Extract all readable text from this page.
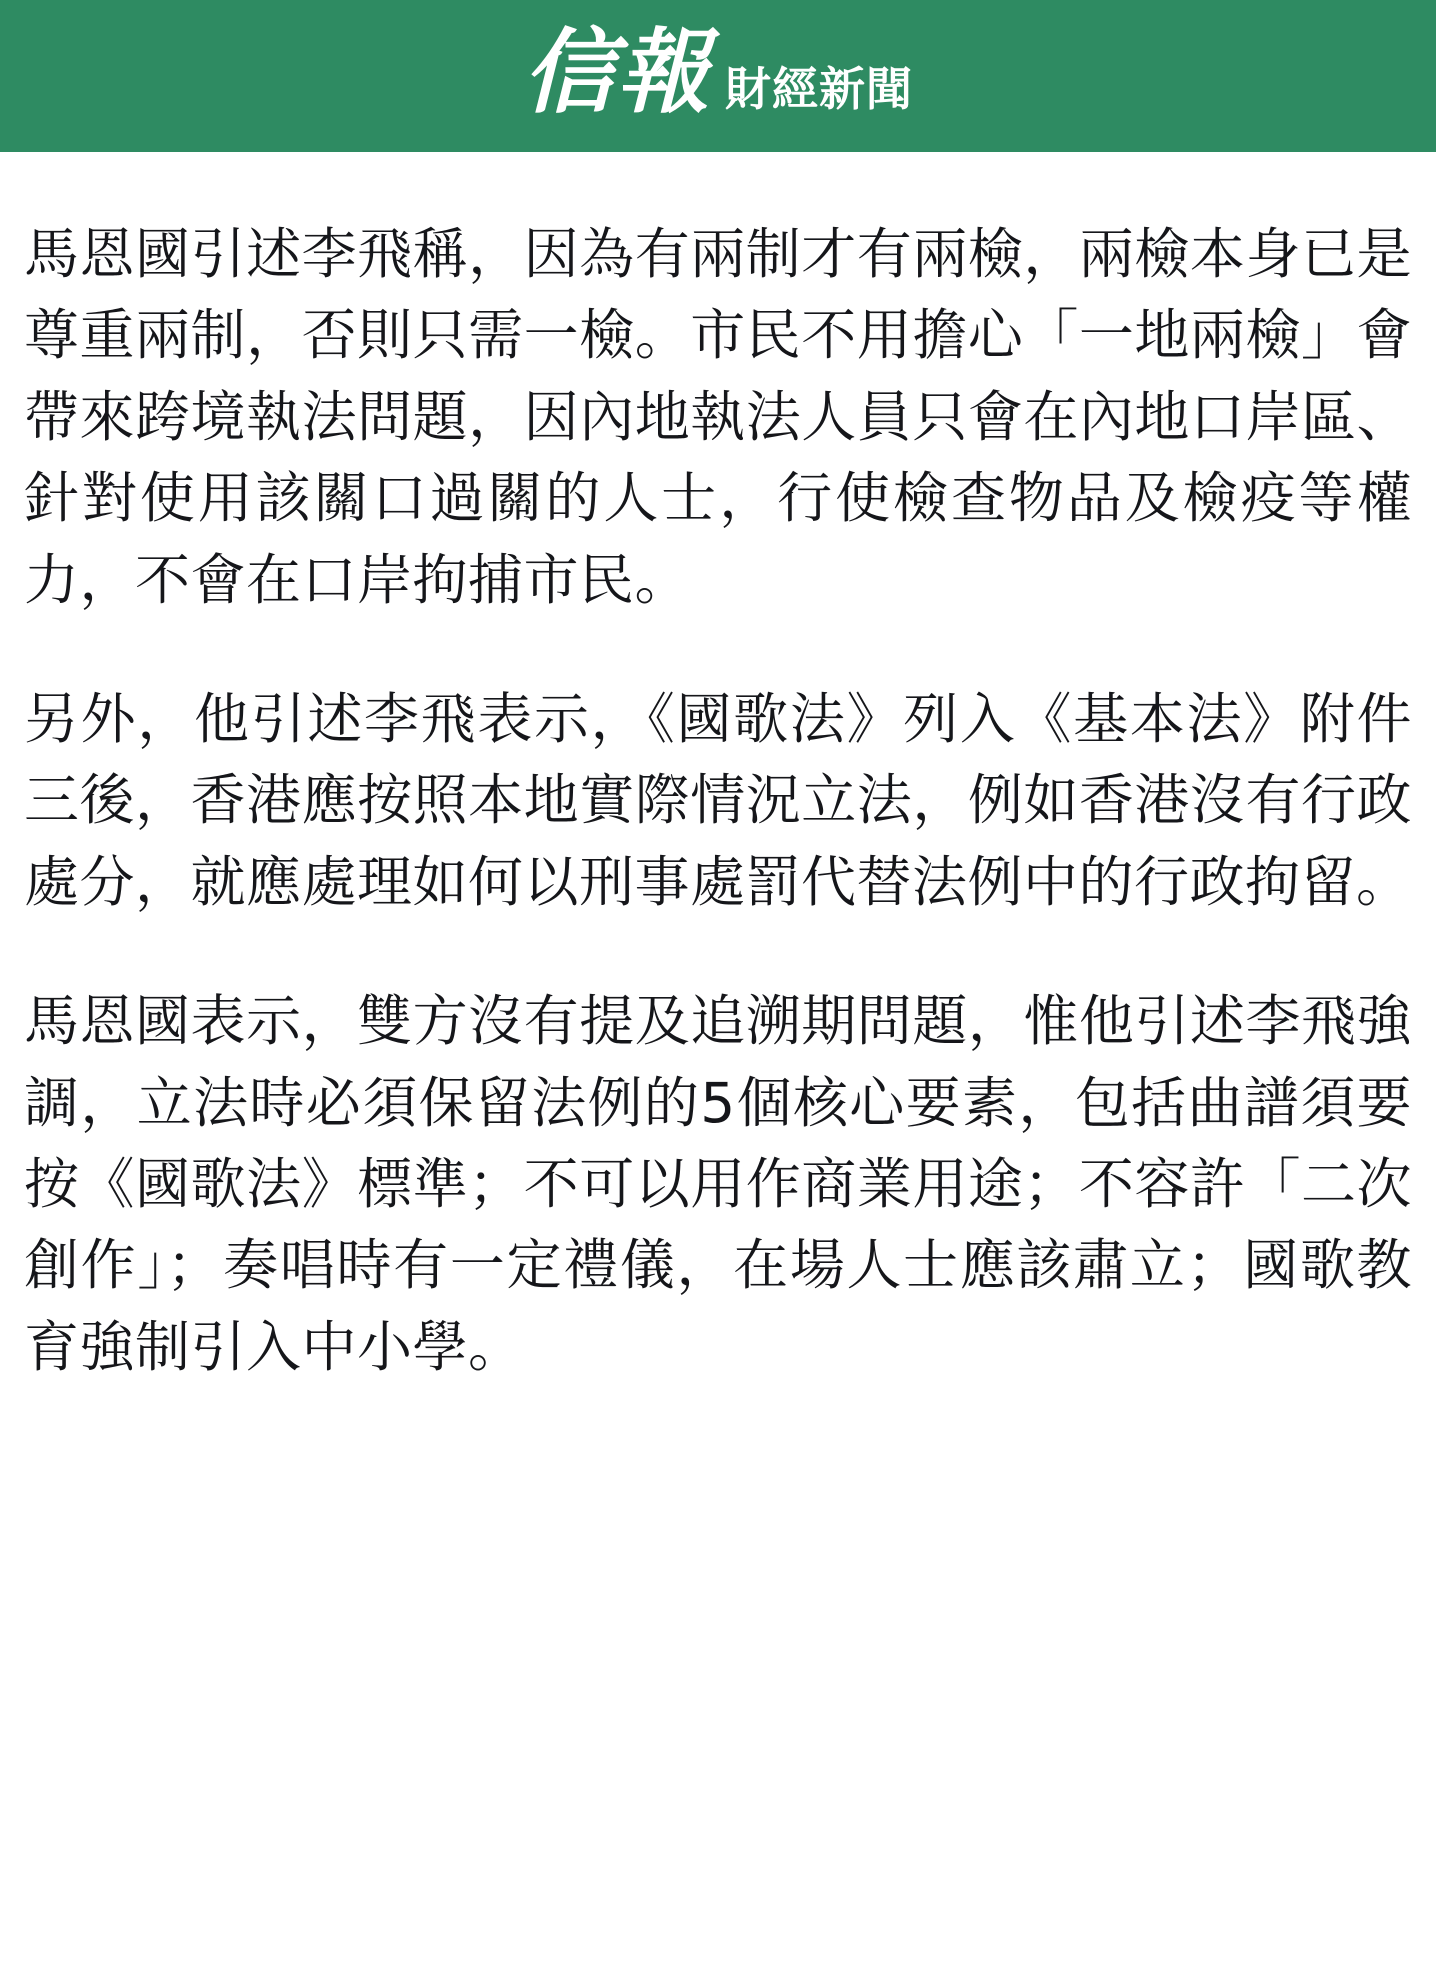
信報 財經新聞

馬恩國引述李飛稱，因為有兩制才有兩檢，兩檢本身已是尊重兩制，否則只需一檢。市民不用擔心「一地兩檢」會帶來跨境執法問題，因內地執法人員只會在內地口岸區、針對使用該關口過關的人士，行使檢查物品及檢疫等權力，不會在口岸拘捕市民。

另外，他引述李飛表示，《國歌法》列入《基本法》附件三後，香港應按照本地實際情況立法，例如香港沒有行政處分，就應處理如何以刑事處罰代替法例中的行政拘留。

馬恩國表示，雙方沒有提及追溯期問題，惟他引述李飛強調，立法時必須保留法例的5個核心要素，包括曲譜須要按《國歌法》標準；不可以用作商業用途；不容許「二次創作」；奏唱時有一定禮儀，在場人士應該肅立；國歌教育強制引入中小學。
